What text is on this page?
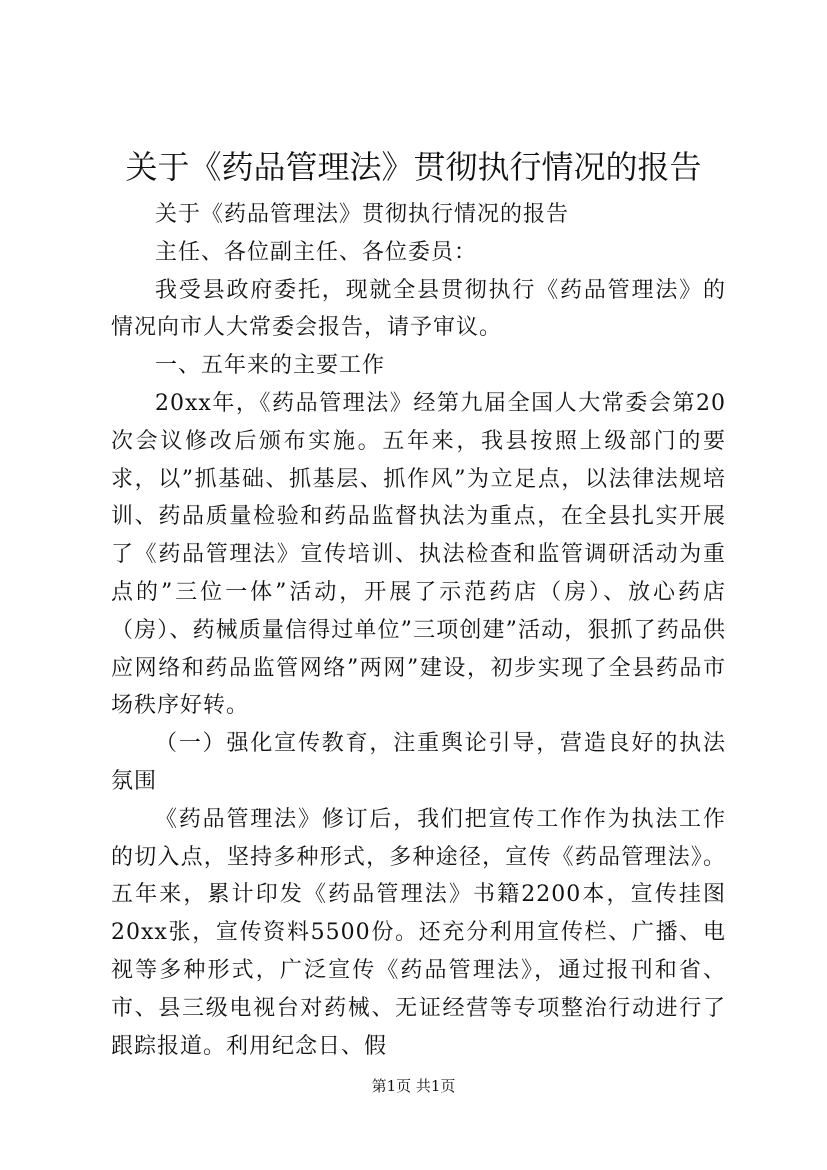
关于《药品管理法》贯彻执行情况的报告

关于《药品管理法》贯彻执行情况的报告

主任、各位副主任、各位委员：

我受县政府委托，现就全县贯彻执行《药品管理法》的情况向市人大常委会报告，请予审议。

一、五年来的主要工作

20xx年，《药品管理法》经第九届全国人大常委会第20次会议修改后颁布实施。五年来，我县按照上级部门的要求，以”抓基础、抓基层、抓作风”为立足点，以法律法规培训、药品质量检验和药品监督执法为重点，在全县扎实开展了《药品管理法》宣传培训、执法检查和监管调研活动为重点的”三位一体”活动，开展了示范药店（房）、放心药店（房）、药械质量信得过单位”三项创建”活动，狠抓了药品供应网络和药品监管网络”两网”建设，初步实现了全县药品市场秩序好转。

（一）强化宣传教育，注重舆论引导，营造良好的执法氛围

《药品管理法》修订后，我们把宣传工作作为执法工作的切入点，坚持多种形式，多种途径，宣传《药品管理法》。五年来，累计印发《药品管理法》书籍2200本，宣传挂图20xx张，宣传资料5500份。还充分利用宣传栏、广播、电视等多种形式，广泛宣传《药品管理法》，通过报刊和省、市、县三级电视台对药械、无证经营等专项整治行动进行了跟踪报道。利用纪念日、假

第1页 共1页
